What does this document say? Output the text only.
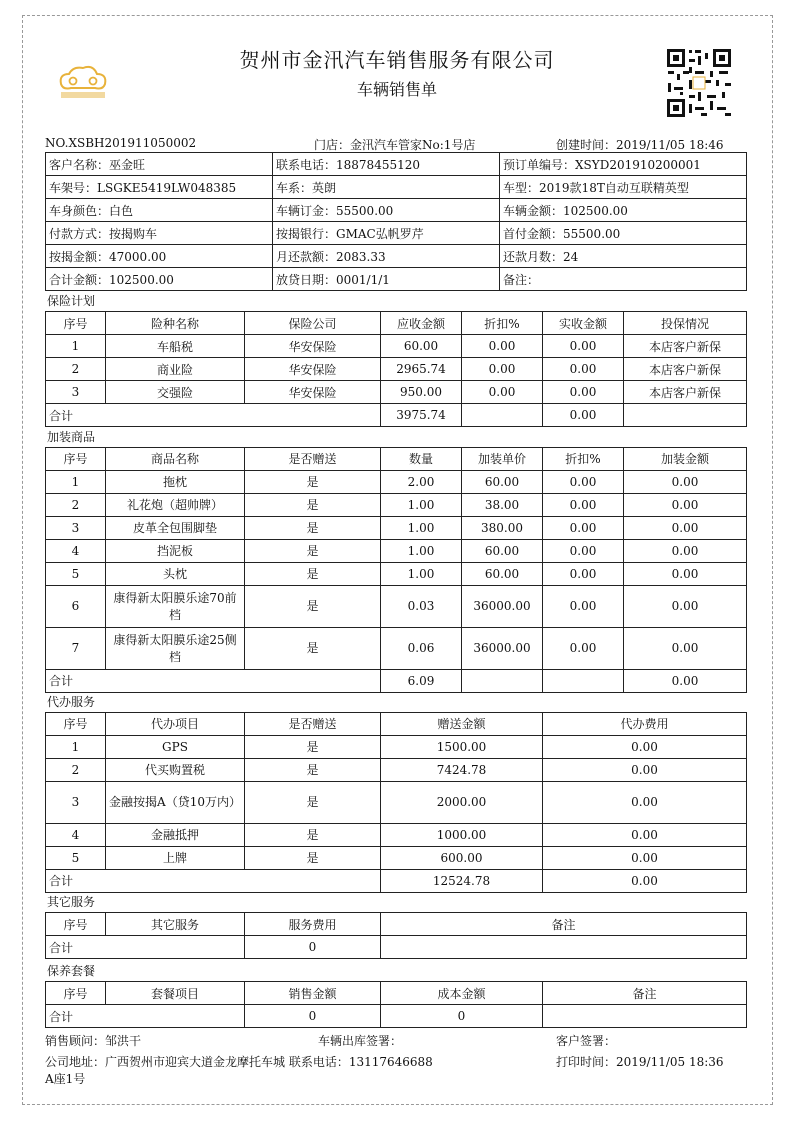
贺州市金汛汽车销售服务有限公司
车辆销售单
NO.XSBH201911050002	门店：金汛汽车管家No:1号店	创建时间：2019/11/05 18:46
客户名称：巫金旺	联系电话：18878455120	预订单编号：XSYD201910200001
车架号：LSGKE5419LW048385	车系：英朗	车型：2019款18T自动互联精英型
车身颜色：白色	车辆订金：55500.00	车辆金额：102500.00
付款方式：按揭购车	按揭银行：GMAC弘帆罗芹	首付金额：55500.00
按揭金额：47000.00	月还款额：2083.33	还款月数：24
合计金额：102500.00	放贷日期：0001/1/1	备注：
保险计划
序号	险种名称	保险公司	应收金额	折扣%	实收金额	投保情况
1	车船税	华安保险	60.00	0.00	0.00	本店客户新保
2	商业险	华安保险	2965.74	0.00	0.00	本店客户新保
3	交强险	华安保险	950.00	0.00	0.00	本店客户新保
合计			3975.74		0.00	
加装商品
序号	商品名称	是否赠送	数量	加装单价	折扣%	加装金额
1	拖枕	是	2.00	60.00	0.00	0.00
2	礼花炮（超帅牌）	是	1.00	38.00	0.00	0.00
3	皮革全包围脚垫	是	1.00	380.00	0.00	0.00
4	挡泥板	是	1.00	60.00	0.00	0.00
5	头枕	是	1.00	60.00	0.00	0.00
6	康得新太阳膜乐途70前档	是	0.03	36000.00	0.00	0.00
7	康得新太阳膜乐途25侧档	是	0.06	36000.00	0.00	0.00
合计			6.09			0.00
代办服务
序号	代办项目	是否赠送	赠送金额	代办费用
1	GPS	是	1500.00	0.00
2	代买购置税	是	7424.78	0.00
3	金融按揭A（贷10万内）	是	2000.00	0.00
4	金融抵押	是	1000.00	0.00
5	上牌	是	600.00	0.00
合计			12524.78	0.00
其它服务
序号	其它服务	服务费用	备注
合计		0	
保养套餐
序号	套餐项目	销售金额	成本金额	备注
合计		0	0	
销售顾问：邹洪干	车辆出库签署：	客户签署：
公司地址：广西贺州市迎宾大道金龙摩托车城 联系电话：13117646688
A座1号
打印时间：2019/11/05 18:36
